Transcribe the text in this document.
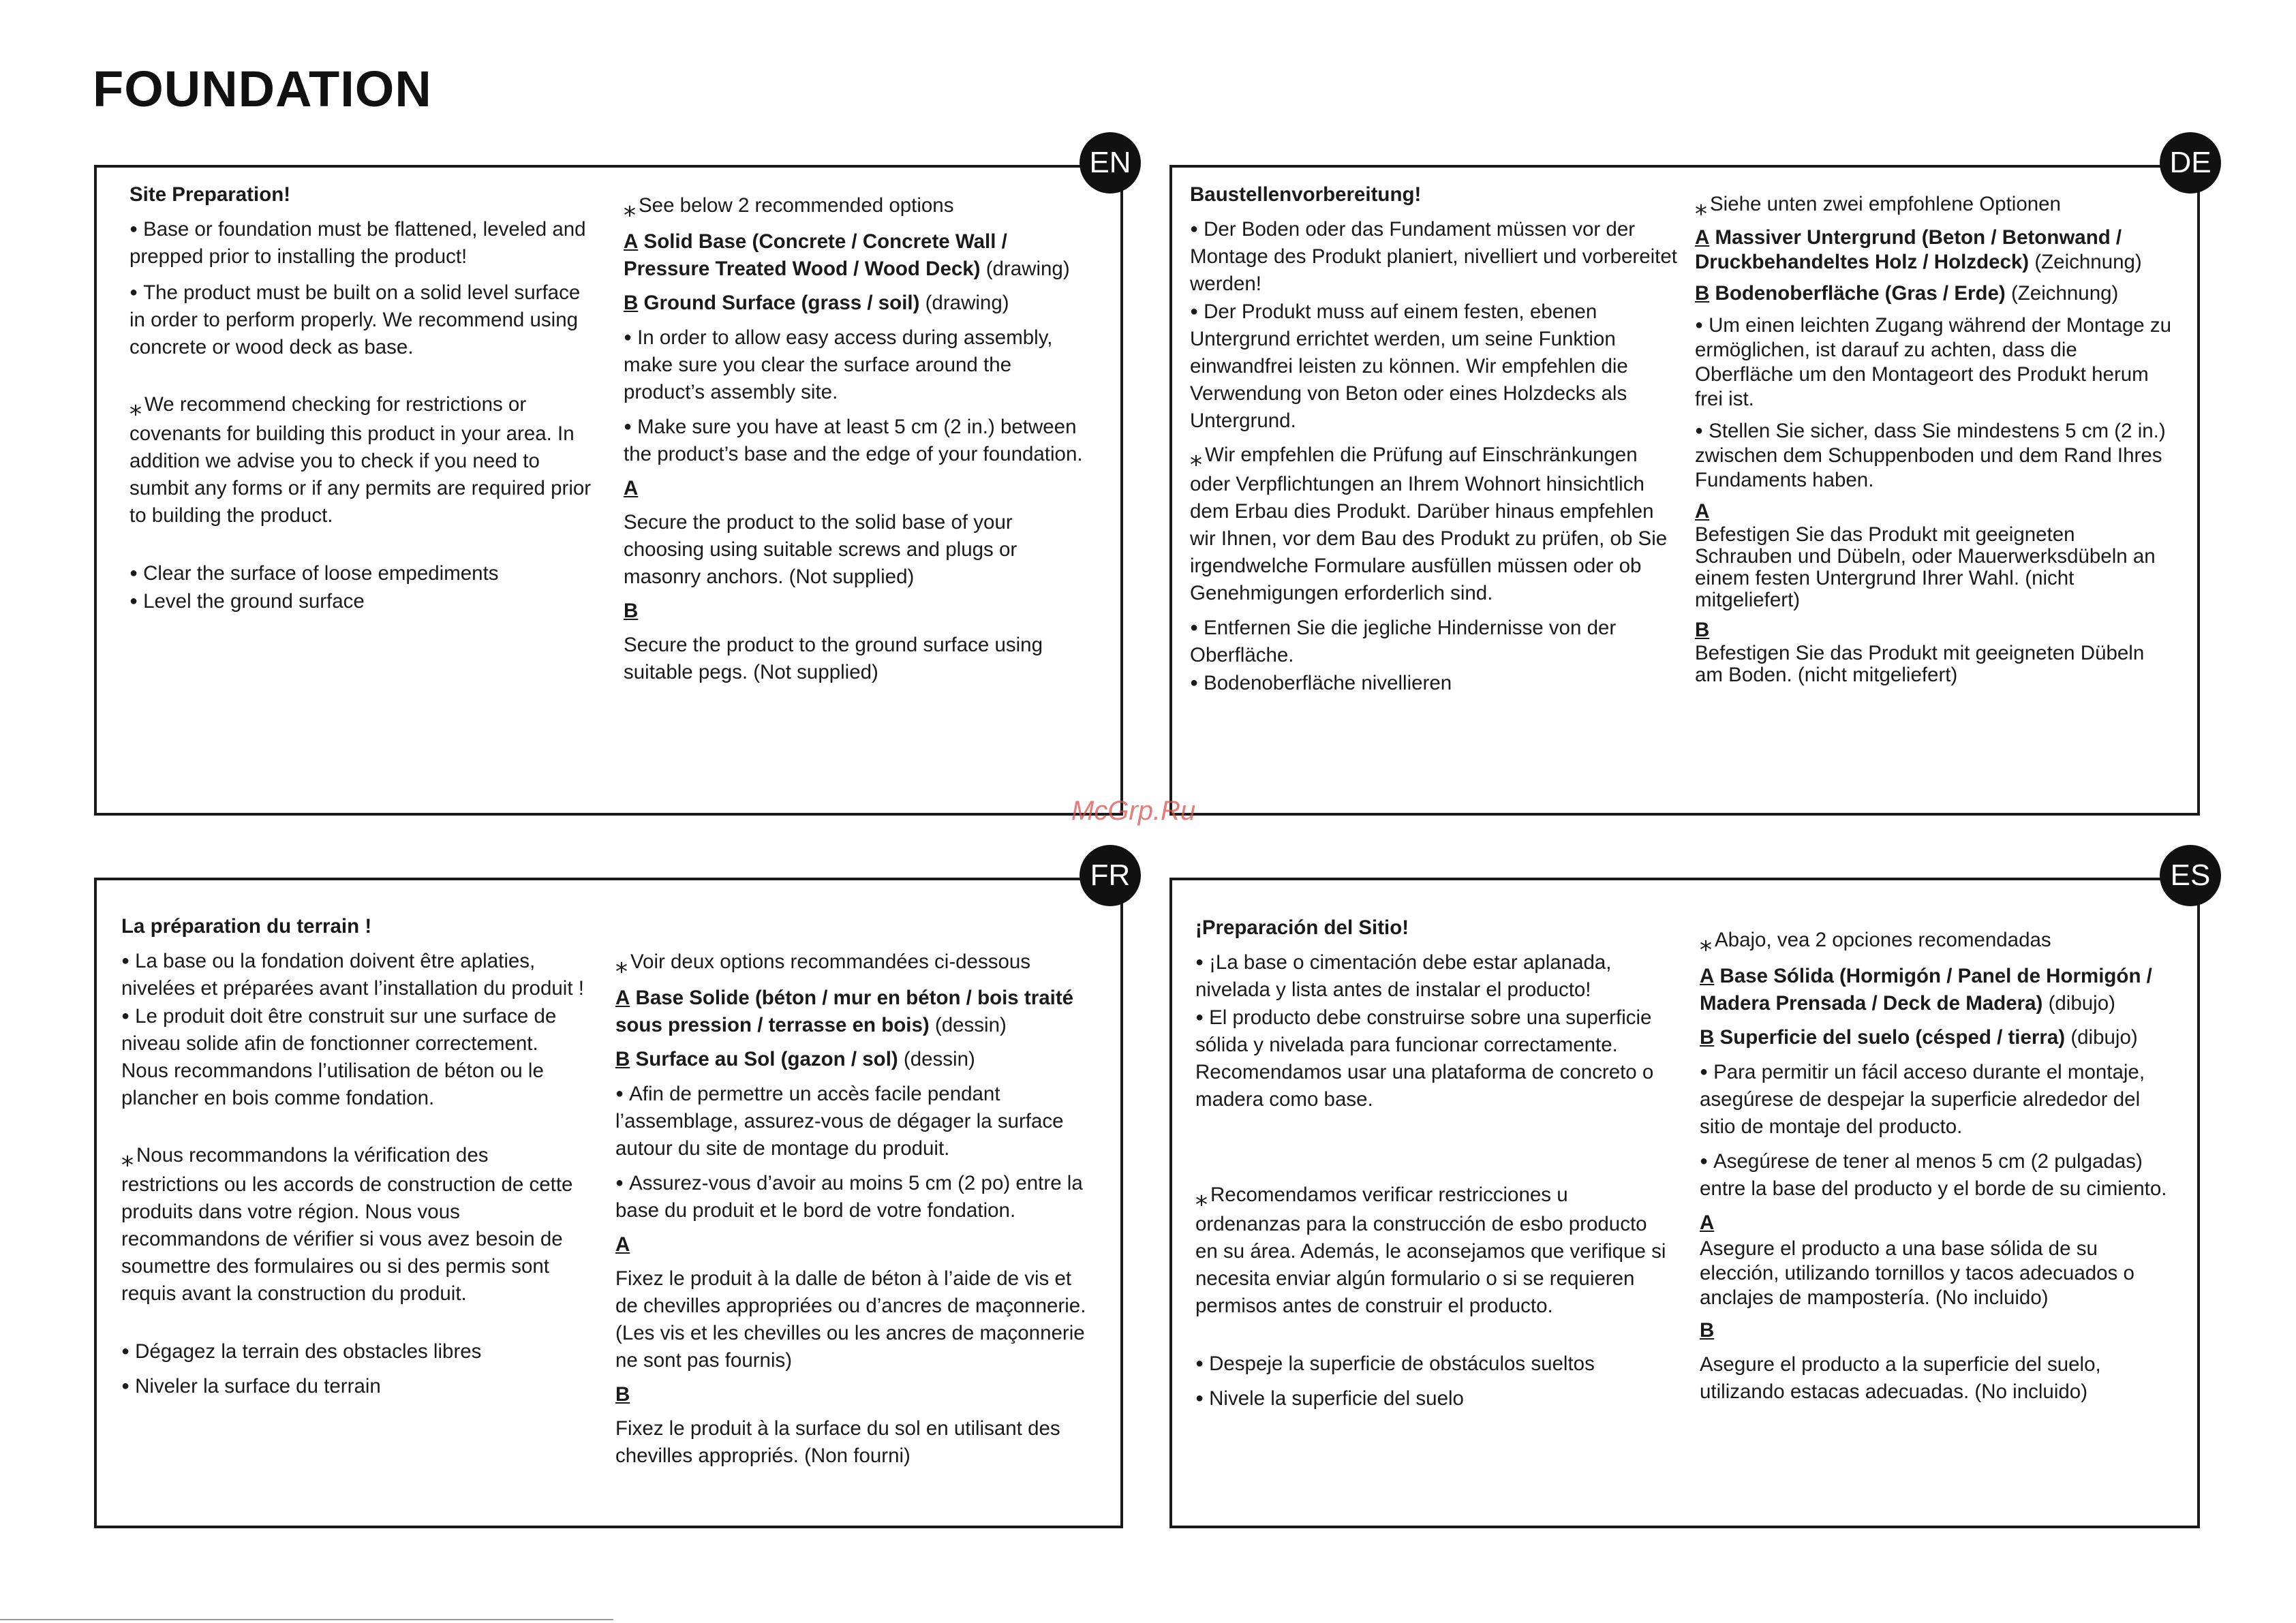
FOUNDATION
EN

Site Preparation!

● Base or foundation must be flattened, leveled and prepped prior to installing the product!

● The product must be built on a solid level surface in order to perform properly. We recommend using concrete or wood deck as base.

⁎ We recommend checking for restrictions or covenants for building this product in your area. In addition we advise you to check if you need to sumbit any forms or if any permits are required prior to building the product.

● Clear the surface of loose empediments

● Level the ground surface

⁎ See below 2 recommended options

A Solid Base (Concrete / Concrete Wall / Pressure Treated Wood / Wood Deck) (drawing)

B Ground Surface (grass / soil) (drawing)

● In order to allow easy access during assembly, make sure you clear the surface around the product’s assembly site.

● Make sure you have at least 5 cm (2 in.) between the product’s base and the edge of your foundation.

A

Secure the product to the solid base of your choosing using suitable screws and plugs or masonry anchors. (Not supplied)

B

Secure the product to the ground surface using suitable pegs. (Not supplied)

DE

Baustellenvorbereitung!

● Der Boden oder das Fundament müssen vor der Montage des Produkt planiert, nivelliert und vorbereitet werden!

● Der Produkt muss auf einem festen, ebenen Untergrund errichtet werden, um seine Funktion einwandfrei leisten zu können. Wir empfehlen die Verwendung von Beton oder eines Holzdecks als Untergrund.

⁎ Wir empfehlen die Prüfung auf Einschränkungen oder Verpflichtungen an Ihrem Wohnort hinsichtlich dem Erbau dies Produkt. Darüber hinaus empfehlen wir Ihnen, vor dem Bau des Produkt zu prüfen, ob Sie irgendwelche Formulare ausfüllen müssen oder ob Genehmigungen erforderlich sind.

● Entfernen Sie die jegliche Hindernisse von der Oberfläche.

● Bodenoberfläche nivellieren

⁎ Siehe unten zwei empfohlene Optionen

A Massiver Untergrund (Beton / Betonwand / Druckbehandeltes Holz / Holzdeck) (Zeichnung)

B Bodenoberfläche (Gras / Erde) (Zeichnung)

● Um einen leichten Zugang während der Montage zu ermöglichen, ist darauf zu achten, dass die Oberfläche um den Montageort des Produkt herum frei ist.

● Stellen Sie sicher, dass Sie mindestens 5 cm (2 in.) zwischen dem Schuppenboden und dem Rand Ihres Fundaments haben.

A

Befestigen Sie das Produkt mit geeigneten Schrauben und Dübeln, oder Mauerwerksdübeln an einem festen Untergrund Ihrer Wahl. (nicht mitgeliefert)

B

Befestigen Sie das Produkt mit geeigneten Dübeln am Boden. (nicht mitgeliefert)

FR

La préparation du terrain !

● La base ou la fondation doivent être aplaties, nivelées et préparées avant l’installation du produit !

● Le produit doit être construit sur une surface de niveau solide afin de fonctionner correctement. Nous recommandons l’utilisation de béton ou le plancher en bois comme fondation.

⁎ Nous recommandons la vérification des restrictions ou les accords de construction de cette produits dans votre région. Nous vous recommandons de vérifier si vous avez besoin de soumettre des formulaires ou si des permis sont requis avant la construction du produit.

● Dégagez la terrain des obstacles libres

● Niveler la surface du terrain

⁎ Voir deux options recommandées ci-dessous

A Base Solide (béton / mur en béton / bois traité sous pression / terrasse en bois) (dessin)

B Surface au Sol (gazon / sol) (dessin)

● Afin de permettre un accès facile pendant l’assemblage, assurez-vous de dégager la surface autour du site de montage du produit.

● Assurez-vous d’avoir au moins 5 cm (2 po) entre la base du produit et le bord de votre fondation.

A

Fixez le produit à la dalle de béton à l’aide de vis et de chevilles appropriées ou d’ancres de maçonnerie. (Les vis et les chevilles ou les ancres de maçonnerie ne sont pas fournis)

B

Fixez le produit à la surface du sol en utilisant des chevilles appropriés. (Non fourni)

ES

¡Preparación del Sitio!

● ¡La base o cimentación debe estar aplanada, nivelada y lista antes de instalar el producto!

● El producto debe construirse sobre una superficie sólida y nivelada para funcionar correctamente. Recomendamos usar una plataforma de concreto o madera como base.

⁎ Recomendamos verificar restricciones u ordenanzas para la construcción de esbo producto en su área. Además, le aconsejamos que verifique si necesita enviar algún formulario o si se requieren permisos antes de construir el producto.

● Despeje la superficie de obstáculos sueltos

● Nivele la superficie del suelo

⁎ Abajo, vea 2 opciones recomendadas

A Base Sólida (Hormigón / Panel de Hormigón / Madera Prensada / Deck de Madera) (dibujo)

B Superficie del suelo (césped / tierra) (dibujo)

● Para permitir un fácil acceso durante el montaje, asegúrese de despejar la superficie alrededor del sitio de montaje del producto.

● Asegúrese de tener al menos 5 cm (2 pulgadas) entre la base del producto y el borde de su cimiento.

A

Asegure el producto a una base sólida de su elección, utilizando tornillos y tacos adecuados o anclajes de mampostería. (No incluido)

B

Asegure el producto a la superficie del suelo, utilizando estacas adecuadas. (No incluido)

McGrp.Ru
